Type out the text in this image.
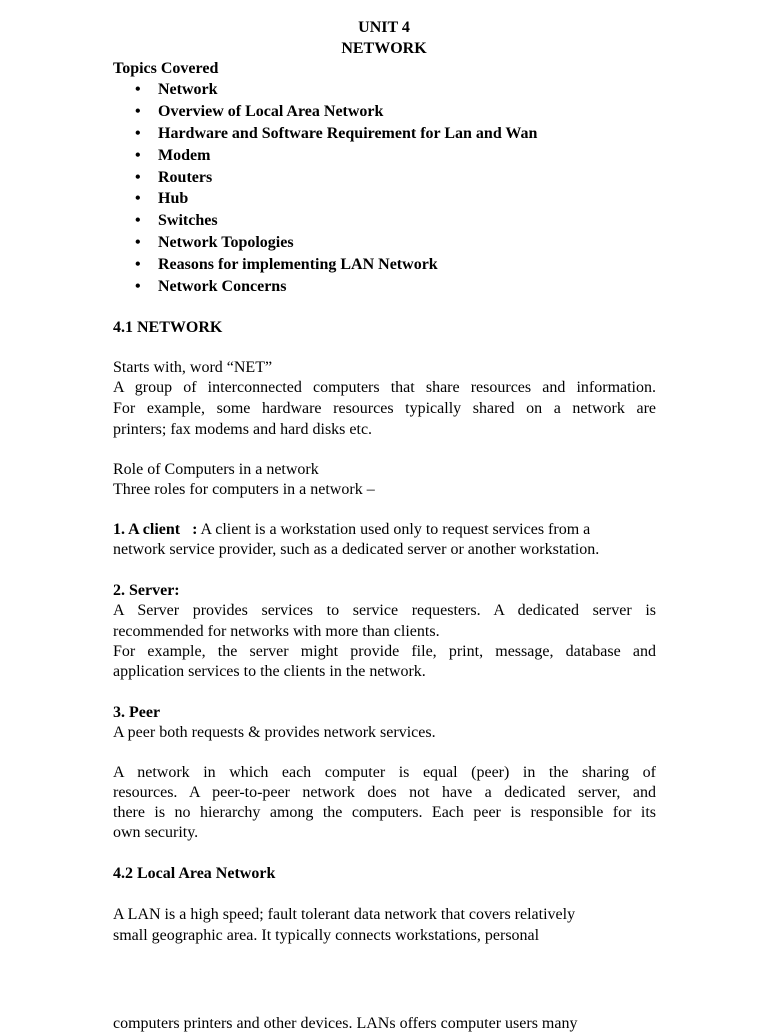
UNIT 4
NETWORK
Topics Covered
• Network
• Overview of Local Area Network
• Hardware and Software Requirement for Lan and Wan
• Modem
• Routers
• Hub
• Switches
• Network Topologies
• Reasons for implementing LAN Network
• Network Concerns
4.1 NETWORK
Starts with, word “NET”
A group of interconnected computers that share resources and information.
For example, some hardware resources typically shared on a network are
printers; fax modems and hard disks etc.
Role of Computers in a network
Three roles for computers in a network –
1. A client   : A client is a workstation used only to request services from a
network service provider, such as a dedicated server or another workstation.
2. Server:
A Server provides services to service requesters. A dedicated server is
recommended for networks with more than clients.
For example, the server might provide file, print, message, database and
application services to the clients in the network.
3. Peer
A peer both requests & provides network services.
A network in which each computer is equal (peer) in the sharing of
resources. A peer-to-peer network does not have a dedicated server, and
there is no hierarchy among the computers. Each peer is responsible for its
own security.
4.2 Local Area Network
A LAN is a high speed; fault tolerant data network that covers relatively
small geographic area. It typically connects workstations, personal
computers printers and other devices. LANs offers computer users many
